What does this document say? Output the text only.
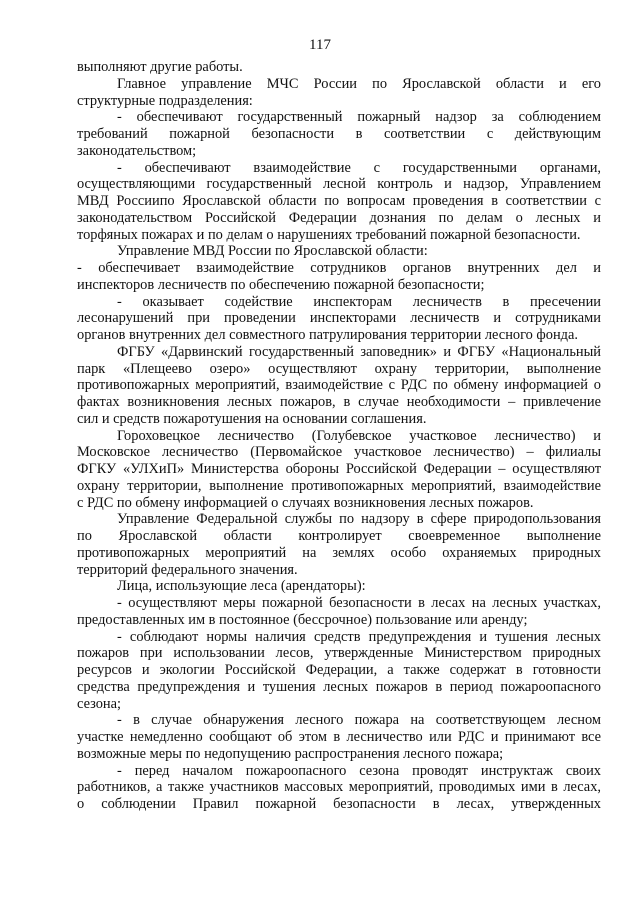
117
выполняют другие работы.
Главное управление МЧС России по Ярославской области и его
структурные подразделения:
- обеспечивают государственный пожарный надзор за соблюдением
требований пожарной безопасности в соответствии с действующим
законодательством;
- обеспечивают взаимодействие с государственными органами,
осуществляющими государственный лесной контроль и надзор, Управлением
МВД Россиипо Ярославской области по вопросам проведения в соответствии с
законодательством Российской Федерации дознания по делам о лесных и
торфяных пожарах и по делам о нарушениях требований пожарной безопасности.
Управление МВД России по Ярославской области:
- обеспечивает взаимодействие сотрудников органов внутренних дел и
инспекторов лесничеств по обеспечению пожарной безопасности;
- оказывает содействие инспекторам лесничеств в пресечении
лесонарушений при проведении инспекторами лесничеств и сотрудниками
органов внутренних дел совместного патрулирования территории лесного фонда.
ФГБУ «Дарвинский государственный заповедник» и ФГБУ «Национальный
парк «Плещеево озеро» осуществляют охрану территории, выполнение
противопожарных мероприятий, взаимодействие с РДС по обмену информацией о
фактах возникновения лесных пожаров, в случае необходимости – привлечение
сил и средств пожаротушения на основании соглашения.
Гороховецкое лесничество (Голубевское участковое лесничество) и
Московское лесничество (Первомайское участковое лесничество) – филиалы
ФГКУ «УЛХиП» Министерства обороны Российской Федерации – осуществляют
охрану территории, выполнение противопожарных мероприятий, взаимодействие
с РДС по обмену информацией о случаях возникновения лесных пожаров.
Управление Федеральной службы по надзору в сфере природопользования
по Ярославской области контролирует своевременное выполнение
противопожарных мероприятий на землях особо охраняемых природных
территорий федерального значения.
Лица, использующие леса (арендаторы):
- осуществляют меры пожарной безопасности в лесах на лесных участках,
предоставленных им в постоянное (бессрочное) пользование или аренду;
- соблюдают нормы наличия средств предупреждения и тушения лесных
пожаров при использовании лесов, утвержденные Министерством природных
ресурсов и экологии Российской Федерации, а также содержат в готовности
средства предупреждения и тушения лесных пожаров в период пожароопасного
сезона;
- в случае обнаружения лесного пожара на соответствующем лесном
участке немедленно сообщают об этом в лесничество или РДС и принимают все
возможные меры по недопущению распространения лесного пожара;
- перед началом пожароопасного сезона проводят инструктаж своих
работников, а также участников массовых мероприятий, проводимых ими в лесах,
о соблюдении Правил пожарной безопасности в лесах, утвержденных
